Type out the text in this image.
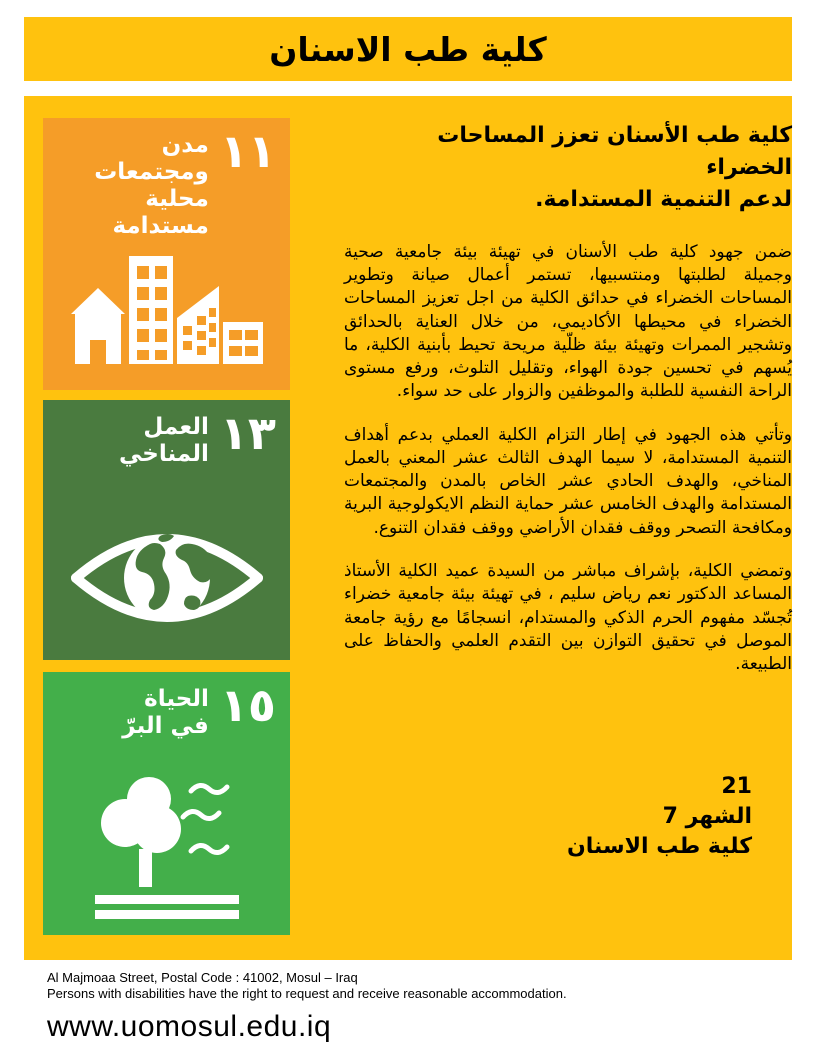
كلية طب الاسنان
١١
مدن ومجتمعات
محلية مستدامة
١٣
العمل
المناخي
١٥
الحياة
في البرّ
كلية طب الأسنان تعزز المساحات الخضراء
لدعم التنمية المستدامة.

ضمن جهود كلية طب الأسنان في تهيئة بيئة جامعية صحية وجميلة لطلبتها ومنتسبيها، تستمر أعمال صيانة وتطوير المساحات الخضراء في حدائق الكلية من اجل تعزيز المساحات الخضراء في محيطها الأكاديمي، من خلال العناية بالحدائق وتشجير الممرات وتهيئة بيئة ظلّية مريحة تحيط بأبنية الكلية، ما يُسهم في تحسين جودة الهواء، وتقليل التلوث، ورفع مستوى الراحة النفسية للطلبة والموظفين والزوار على حد سواء.

وتأتي هذه الجهود في إطار التزام الكلية العملي بدعم أهداف التنمية المستدامة، لا سيما الهدف الثالث عشر المعني بالعمل المناخي، والهدف الحادي عشر الخاص بالمدن والمجتمعات المستدامة والهدف الخامس عشر حماية النظم الايكولوجية البرية ومكافحة التصحر ووقف فقدان الأراضي ووقف فقدان التنوع.

وتمضي الكلية، بإشراف مباشر من السيدة عميد الكلية الأستاذ المساعد الدكتور نعم رياض سليم ، في تهيئة بيئة جامعية خضراء تُجسّد مفهوم الحرم الذكي والمستدام، انسجامًا مع رؤية جامعة الموصل في تحقيق التوازن بين التقدم العلمي والحفاظ على الطبيعة.

21
الشهر 7
كلية طب الاسنان
Al Majmoaa Street, Postal Code : 41002, Mosul – Iraq
Persons with disabilities have the right to request and receive reasonable accommodation.
www.uomosul.edu.iq
